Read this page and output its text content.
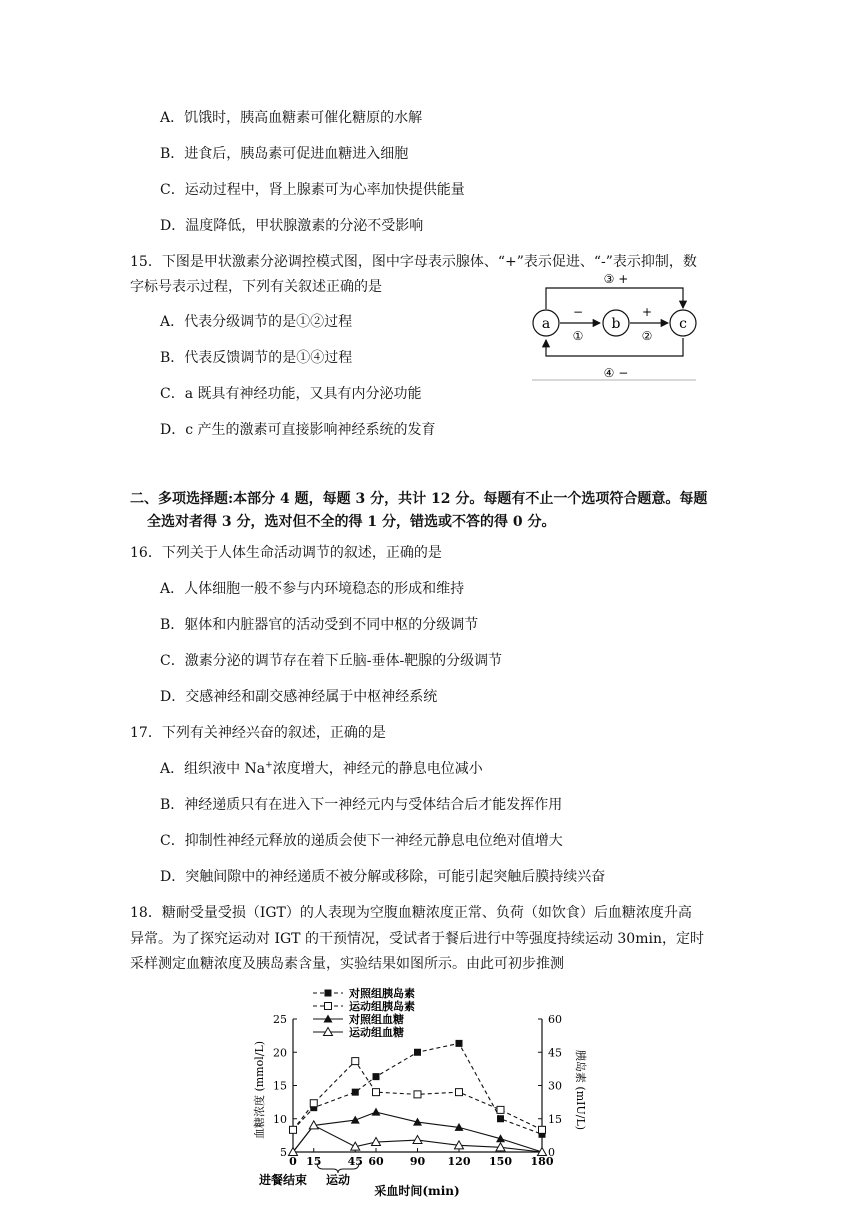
A．饥饿时，胰高血糖素可催化糖原的水解
B．进食后，胰岛素可促进血糖进入细胞
C．运动过程中，肾上腺素可为心率加快提供能量
D．温度降低，甲状腺激素的分泌不受影响
15．下图是甲状激素分泌调控模式图，图中字母表示腺体、“+”表示促进、“-”表示抑制，数
字标号表示过程，下列有关叙述正确的是
A．代表分级调节的是①②过程
B．代表反馈调节的是①④过程
C．a 既具有神经功能，又具有内分泌功能
D．c 产生的激素可直接影响神经系统的发育
a	b	c
③ +
④ −
−
①
+
②
二、多项选择题:本部分 4 题，每题 3 分，共计 12 分。每题有不止一个选项符合题意。每题
全选对者得 3 分，选对但不全的得 1 分，错选或不答的得 0 分。
16．下列关于人体生命活动调节的叙述，正确的是
A．人体细胞一般不参与内环境稳态的形成和维持
B．躯体和内脏器官的活动受到不同中枢的分级调节
C．激素分泌的调节存在着下丘脑-垂体-靶腺的分级调节
D．交感神经和副交感神经属于中枢神经系统
17．下列有关神经兴奋的叙述，正确的是
A．组织液中 Na+浓度增大，神经元的静息电位减小
B．神经递质只有在进入下一神经元内与受体结合后才能发挥作用
C．抑制性神经元释放的递质会使下一神经元静息电位绝对值增大
D．突触间隙中的神经递质不被分解或移除，可能引起突触后膜持续兴奋
18．糖耐受量受损（IGT）的人表现为空腹血糖浓度正常、负荷（如饮食）后血糖浓度升高
异常。为了探究运动对 IGT 的干预情况，受试者于餐后进行中等强度持续运动 30min，定时
采样测定血糖浓度及胰岛素含量，实验结果如图所示。由此可初步推测
5
10
15
20
25
0
15
30
45
60
0 15 45 60 90 120 150 180
对照组胰岛素
运动组胰岛素
对照组血糖
运动组血糖
血糖浓度 (mmol/L)	胰岛素 (mIU/L)
采血时间(min)
进餐结束 运动
